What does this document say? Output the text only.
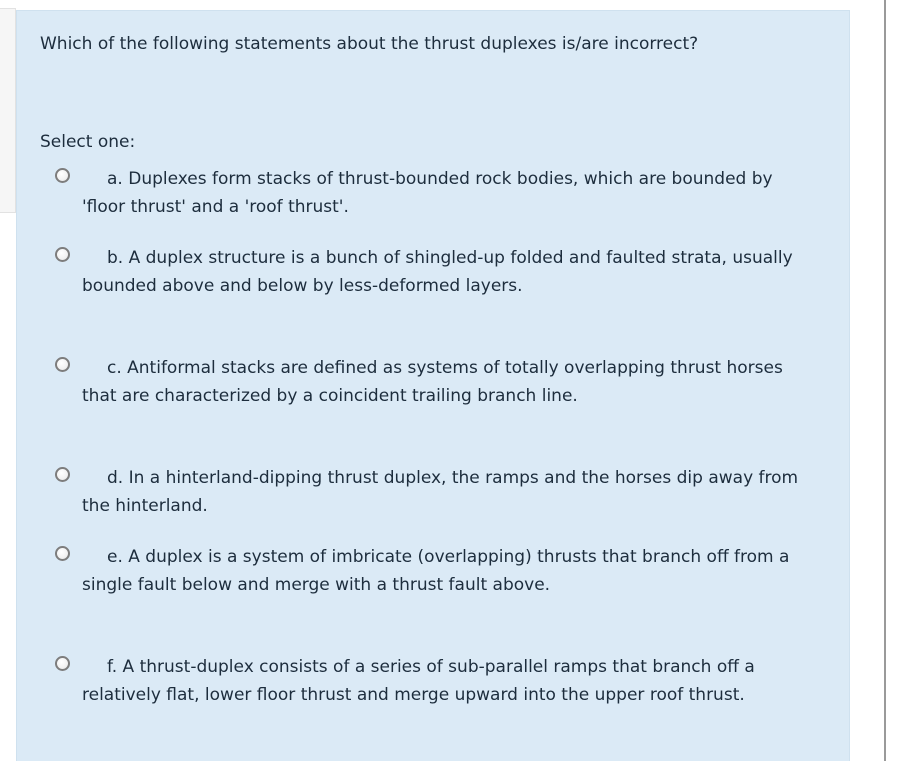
Which of the following statements about the thrust duplexes is/are incorrect?

Select one:

a. Duplexes form stacks of thrust-bounded rock bodies, which are bounded by 'floor thrust' and a 'roof thrust'.

b. A duplex structure is a bunch of shingled-up folded and faulted strata, usually bounded above and below by less-deformed layers.

c. Antiformal stacks are defined as systems of totally overlapping thrust horses that are characterized by a coincident trailing branch line.

d. In a hinterland-dipping thrust duplex, the ramps and the horses dip away from the hinterland.

e. A duplex is a system of imbricate (overlapping) thrusts that branch off from a single fault below and merge with a thrust fault above.

f. A thrust-duplex consists of a series of sub-parallel ramps that branch off a relatively flat, lower floor thrust and merge upward into the upper roof thrust.
